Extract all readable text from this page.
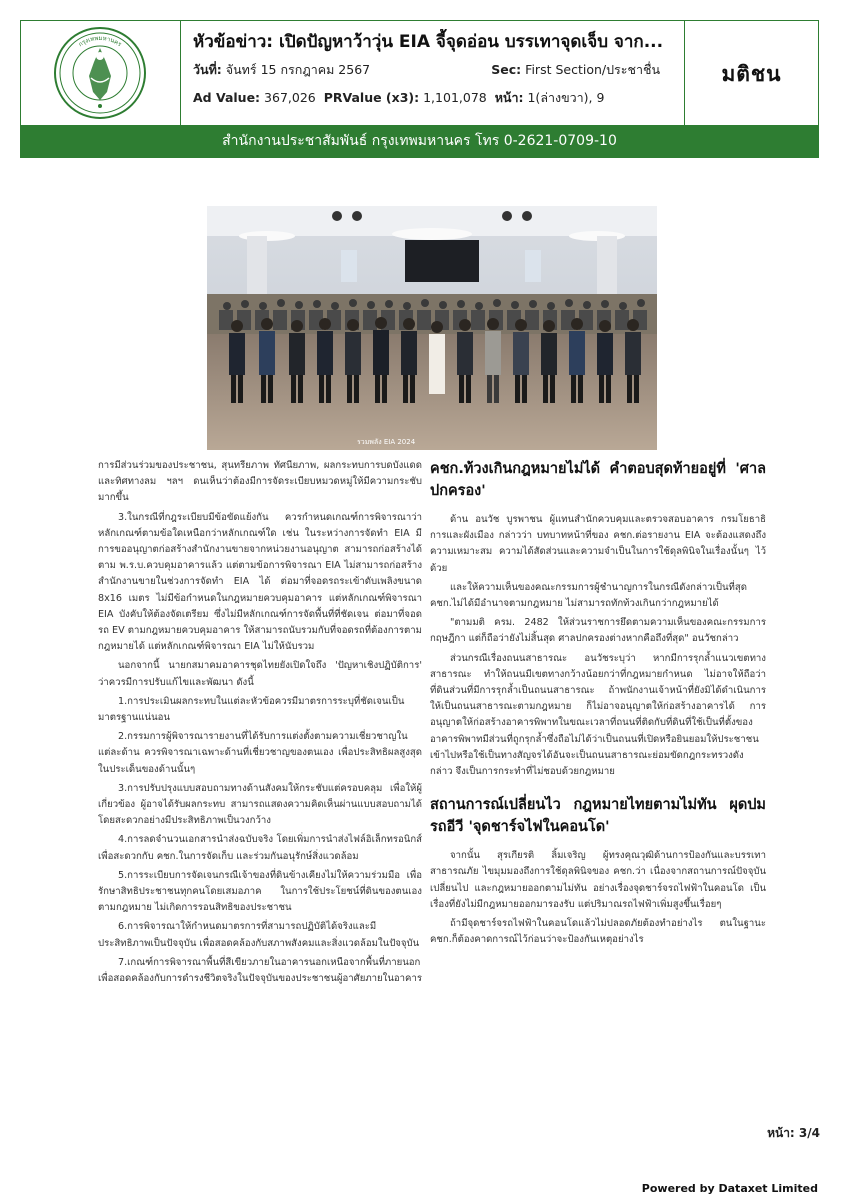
กรุงเทพมหานคร	หัวข้อข่าว: เปิดปัญหาว้าวุ่น EIA จี้จุดอ่อน บรรเทาจุดเจ็บ จาก...
วันที่: จันทร์ 15 กรกฎาคม 2567	Sec: First Section/ประชาชื่น
Ad Value: 367,026 PRValue (x3): 1,101,078 หน้า: 1(ล่างขวา), 9
มติชน
สำนักงานประชาสัมพันธ์ กรุงเทพมหานคร โทร 0-2621-0709-10
รวมพลัง EIA 2024

การมีส่วนร่วมของประชาชน, สุนทรียภาพ ทัศนียภาพ, ผลกระทบการบดบังแดดและทิศทางลม ฯลฯ ดนเห็นว่าต้องมีการจัดระเบียบหมวดหมู่ให้มีความกระชับมากขึ้น

3.ในกรณีที่กฎระเบียบมีข้อขัดแย้งกัน ควรกำหนดเกณฑ์การพิจารณาว่าหลักเกณฑ์ตามข้อใดเหนือกว่าหลักเกณฑ์ใด เช่น ในระหว่างการจัดทำ EIA มีการขออนุญาตก่อสร้างสำนักงานขายจากหน่วยงานอนุญาต สามารถก่อสร้างได้ตาม พ.ร.บ.ควบคุมอาคารแล้ว แต่ตามข้อการพิจารณา EIA ไม่สามารถก่อสร้างสำนักงานขายในช่วงการจัดทำ EIA ได้ ต่อมาที่จอดรถระเข้าดับเพลิงขนาด 8x16 เมตร ไม่มีข้อกำหนดในกฎหมายควบคุมอาคาร แต่หลักเกณฑ์พิจารณา EIA บังคับให้ต้องจัดเตรียม ซึ่งไม่มีหลักเกณฑ์การจัดพื้นที่ที่ชัดเจน ต่อมาที่จอดรถ EV ตามกฎหมายควบคุมอาคาร ให้สามารถนับรวมกับที่จอดรถที่ต้องการตามกฎหมายได้ แต่หลักเกณฑ์พิจารณา EIA ไม่ให้นับรวม

นอกจากนี้ นายกสมาคมอาคารชุดไทยยังเปิดใจถึง 'ปัญหาเชิงปฏิบัติการ' ว่าควรมีการปรับแก้ไขและพัฒนา ดังนี้

1.การประเมินผลกระทบในแต่ละหัวข้อควรมีมาตรการระบุที่ชัดเจนเป็นมาตรฐานแน่นอน

2.กรรมการผู้พิจารณารายงานที่ได้รับการแต่งตั้งตามความเชี่ยวชาญในแต่ละด้าน ควรพิจารณาเฉพาะด้านที่เชี่ยวชาญของตนเอง เพื่อประสิทธิผลสูงสุดในประเด็นของด้านนั้นๆ

3.การปรับปรุงแบบสอบถามทางด้านสังคมให้กระชับแต่ครอบคลุม เพื่อให้ผู้เกี่ยวข้อง ผู้อาจได้รับผลกระทบ สามารถแสดงความคิดเห็นผ่านแบบสอบถามได้โดยสะดวกอย่างมีประสิทธิภาพเป็นวงกว้าง

4.การลดจำนวนเอกสารนำส่งฉบับจริง โดยเพิ่มการนำส่งไฟล์อิเล็กทรอนิกส์ เพื่อสะดวกกับ คชก.ในการจัดเก็บ และร่วมกันอนุรักษ์สิ่งแวดล้อม

5.การระเบียบการจัดเจนกรณีเจ้าของที่ดินข้างเคียงไม่ให้ความร่วมมือ เพื่อรักษาสิทธิประชาชนทุกคนโดยเสมอภาค ในการใช้ประโยชน์ที่ดินของตนเองตามกฎหมาย ไม่เกิดการรอนสิทธิของประชาชน

6.การพิจารณาให้กำหนดมาตรการที่สามารถปฏิบัติได้จริงและมีประสิทธิภาพเป็นปัจจุบัน เพื่อสอดคล้องกับสภาพสังคมและสิ่งแวดล้อมในปัจจุบัน

7.เกณฑ์การพิจารณาพื้นที่สีเขียวภายในอาคารนอกเหนือจากพื้นที่ภายนอก เพื่อสอดคล้องกับการดำรงชีวิตจริงในปัจจุบันของประชาชนผู้อาศัยภายในอาคาร

คชก.ท้วงเกินกฎหมายไม่ได้ คำตอบสุดท้ายอยู่ที่ 'ศาลปกครอง'

ด้าน อนวัช บูรพาชน ผู้แทนสำนักควบคุมและตรวจสอบอาคาร กรมโยธาธิการและผังเมือง กล่าวว่า บทบาทหน้าที่ของ คชก.ต่อรายงาน EIA จะต้องแสดงถึงความเหมาะสม ความได้สัดส่วนและความจำเป็นในการใช้ดุลพินิจในเรื่องนั้นๆ ไว้ด้วย

และให้ความเห็นของคณะกรรมการผู้ชำนาญการในกรณีดังกล่าวเป็นที่สุด คชก.ไม่ได้มีอำนาจตามกฎหมาย ไม่สามารถทักท้วงเกินกว่ากฎหมายได้

"ตามมติ ครม. 2482 ให้ส่วนราชการยึดตามความเห็นของคณะกรรมการกฤษฎีกา แต่ก็ถือว่ายังไม่สิ้นสุด ศาลปกครองต่างหากคือถึงที่สุด" อนวัชกล่าว

ส่วนกรณีเรื่องถนนสาธารณะ อนวัชระบุว่า หากมีการรุกล้ำแนวเขตทางสาธารณะ ทำให้ถนนมีเขตทางกว้างน้อยกว่าที่กฎหมายกำหนด ไม่อาจให้ถือว่าที่ดินส่วนที่มีการรุกล้ำเป็นถนนสาธารณะ ถ้าพนักงานเจ้าหน้าที่ยังมิได้ดำเนินการให้เป็นถนนสาธารณะตามกฎหมาย ก็ไม่อาจอนุญาตให้ก่อสร้างอาคารได้ การอนุญาตให้ก่อสร้างอาคารพิพาทในขณะเวลาที่ถนนที่ติดกับที่ดินที่ใช้เป็นที่ตั้งของอาคารพิพาทมีส่วนที่ถูกรุกล้ำซึ่งถือไม่ได้ว่าเป็นถนนที่เปิดหรือยินยอมให้ประชาชนเข้าไปหรือใช้เป็นทางสัญจรได้อันจะเป็นถนนสาธารณะย่อมขัดกฎกระทรวงดังกล่าว จึงเป็นการกระทำที่ไม่ชอบด้วยกฎหมาย

สถานการณ์เปลี่ยนไว กฎหมายไทยตามไม่ทัน ผุดปมรถอีวี 'จุดชาร์จไฟในคอนโด'

จากนั้น สุรเกียรติ ลิ้มเจริญ ผู้ทรงคุณวุฒิด้านการป้องกันและบรรเทาสาธารณภัย ไขมุมมองถึงการใช้ดุลพินิจของ คชก.ว่า เนื่องจากสถานการณ์ปัจจุบันเปลี่ยนไป และกฎหมายออกตามไม่ทัน อย่างเรื่องจุดชาร์จรถไฟฟ้าในคอนโด เป็นเรื่องที่ยังไม่มีกฎหมายออกมารองรับ แต่ปริมาณรถไฟฟ้าเพิ่มสูงขึ้นเรื่อยๆ

ถ้ามีจุดชาร์จรถไฟฟ้าในคอนโดแล้วไม่ปลอดภัยต้องทำอย่างไร ตนในฐานะ คชก.ก็ต้องคาดการณ์ไว้ก่อนว่าจะป้องกันเหตุอย่างไร

หน้า: 3/4
Powered by Dataxet Limited
